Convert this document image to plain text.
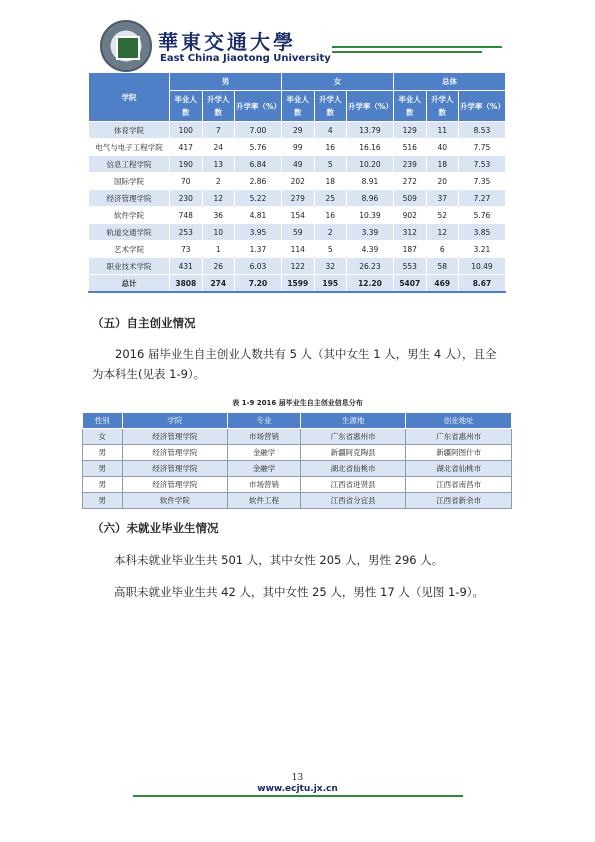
華東交通大學
East China Jiaotong University
学院	男			女			总体		
	毕业人数	升学人数	升学率（%）	毕业人数	升学人数	升学率（%）	毕业人数	升学人数	升学率（%）
体育学院	100	7	7.00	29	4	13.79	129	11	8.53
电气与电子工程学院	417	24	5.76	99	16	16.16	516	40	7.75
信息工程学院	190	13	6.84	49	5	10.20	239	18	7.53
国际学院	70	2	2.86	202	18	8.91	272	20	7.35
经济管理学院	230	12	5.22	279	25	8.96	509	37	7.27
软件学院	748	36	4.81	154	16	10.39	902	52	5.76
轨道交通学院	253	10	3.95	59	2	3.39	312	12	3.85
艺术学院	73	1	1.37	114	5	4.39	187	6	3.21
职业技术学院	431	26	6.03	122	32	26.23	553	58	10.49
总计	3808	274	7.20	1599	195	12.20	5407	469	8.67
（五）自主创业情况
2016 届毕业生自主创业人数共有 5 人（其中女生 1 人，男生 4 人），且全为本科生(见表 1-9）。
表 1-9 2016 届毕业生自主创业信息分布
性别	学院	专业	生源地	创业地址
女	经济管理学院	市场营销	广东省惠州市	广东省惠州市
男	经济管理学院	金融学	新疆阿克陶县	新疆阿图什市
男	经济管理学院	金融学	湖北省仙桃市	湖北省仙桃市
男	经济管理学院	市场营销	江西省进贤县	江西省南昌市
男	软件学院	软件工程	江西省分宜县	江西省新余市
（六）未就业毕业生情况
本科未就业毕业生共 501 人，其中女性 205 人，男性 296 人。
高职未就业毕业生共 42 人，其中女性 25 人，男性 17 人（见图 1-9）。
13
www.ecjtu.jx.cn
